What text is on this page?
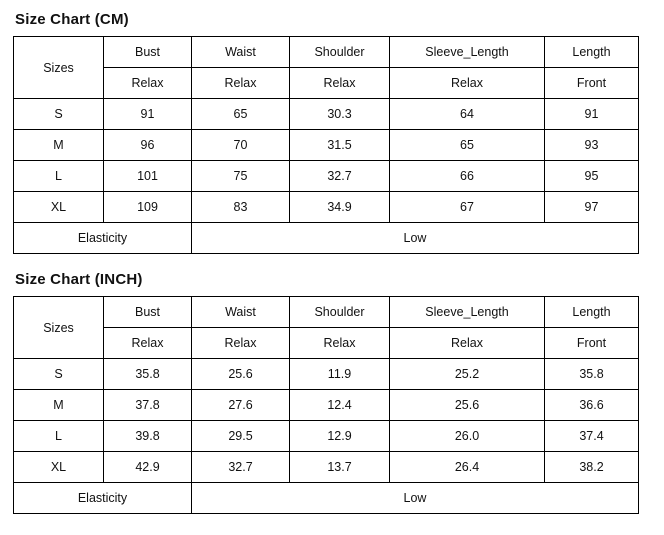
Size Chart (CM)
Sizes	Bust	Waist	Shoulder	Sleeve_Length	Length
	Relax	Relax	Relax	Relax	Front
S	91	65	30.3	64	91
M	96	70	31.5	65	93
L	101	75	32.7	66	95
XL	109	83	34.9	67	97
Elasticity		Low			
Size Chart (INCH)
Sizes	Bust	Waist	Shoulder	Sleeve_Length	Length
	Relax	Relax	Relax	Relax	Front
S	35.8	25.6	11.9	25.2	35.8
M	37.8	27.6	12.4	25.6	36.6
L	39.8	29.5	12.9	26.0	37.4
XL	42.9	32.7	13.7	26.4	38.2
Elasticity		Low			
